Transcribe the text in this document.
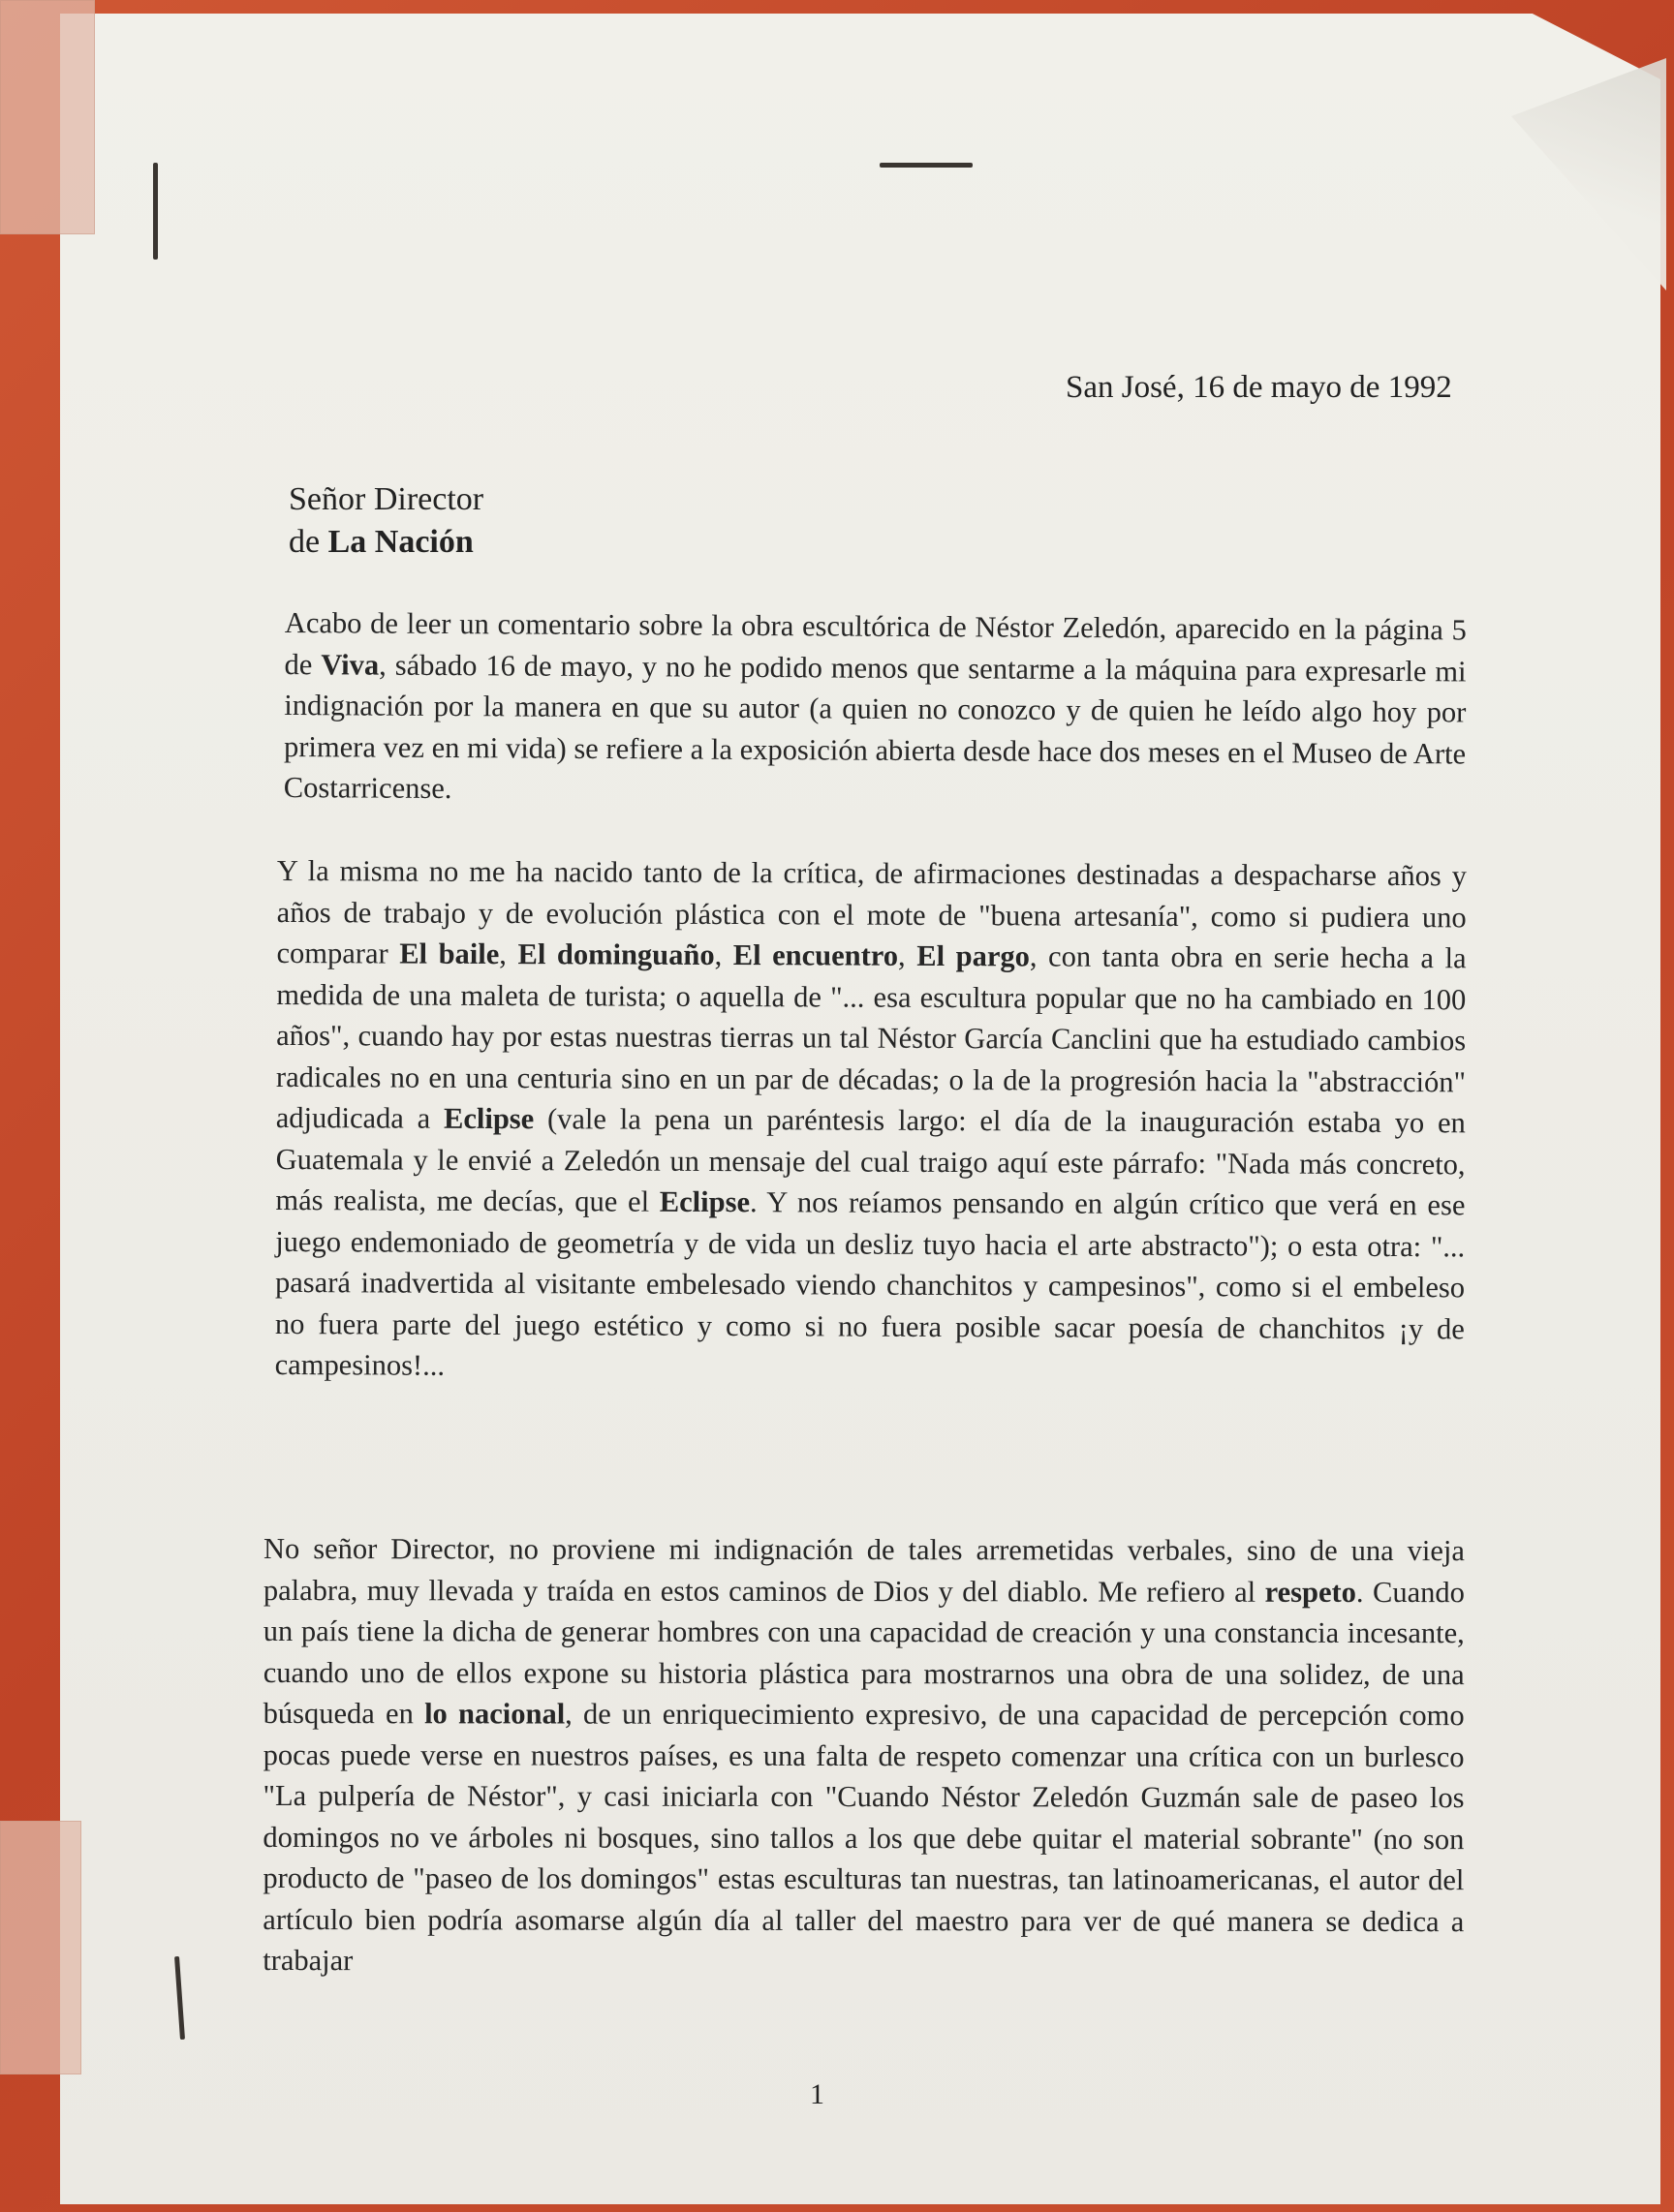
San José, 16 de mayo de 1992
Señor Director
de La Nación
Acabo de leer un comentario sobre la obra escultórica de Néstor Zeledón, aparecido en la página 5 de Viva, sábado 16 de mayo, y no he podido menos que sentarme a la máquina para expresarle mi indignación por la manera en que su autor (a quien no conozco y de quien he leído algo hoy por primera vez en mi vida) se refiere a la exposición abierta desde hace dos meses en el Museo de Arte Costarricense.
Y la misma no me ha nacido tanto de la crítica, de afirmaciones destinadas a despacharse años y años de trabajo y de evolución plástica con el mote de "buena artesanía", como si pudiera uno comparar El baile, El dominguaño, El encuentro, El pargo, con tanta obra en serie hecha a la medida de una maleta de turista; o aquella de "... esa escultura popular que no ha cambiado en 100 años", cuando hay por estas nuestras tierras un tal Néstor García Canclini que ha estudiado cambios radicales no en una centuria sino en un par de décadas; o la de la progresión hacia la "abstracción" adjudicada a Eclipse (vale la pena un paréntesis largo: el día de la inauguración estaba yo en Guatemala y le envié a Zeledón un mensaje del cual traigo aquí este párrafo: "Nada más concreto, más realista, me decías, que el Eclipse. Y nos reíamos pensando en algún crítico que verá en ese juego endemoniado de geometría y de vida un desliz tuyo hacia el arte abstracto"); o esta otra: "... pasará inadvertida al visitante embelesado viendo chanchitos y campesinos", como si el embeleso no fuera parte del juego estético y como si no fuera posible sacar poesía de chanchitos ¡y de campesinos!...
No señor Director, no proviene mi indignación de tales arremetidas verbales, sino de una vieja palabra, muy llevada y traída en estos caminos de Dios y del diablo. Me refiero al respeto. Cuando un país tiene la dicha de generar hombres con una capacidad de creación y una constancia incesante, cuando uno de ellos expone su historia plástica para mostrarnos una obra de una solidez, de una búsqueda en lo nacional, de un enriquecimiento expresivo, de una capacidad de percepción como pocas puede verse en nuestros países, es una falta de respeto comenzar una crítica con un burlesco "La pulpería de Néstor", y casi iniciarla con "Cuando Néstor Zeledón Guzmán sale de paseo los domingos no ve árboles ni bosques, sino tallos a los que debe quitar el material sobrante" (no son producto de "paseo de los domingos" estas esculturas tan nuestras, tan latinoamericanas, el autor del artículo bien podría asomarse algún día al taller del maestro para ver de qué manera se dedica a trabajar
1
